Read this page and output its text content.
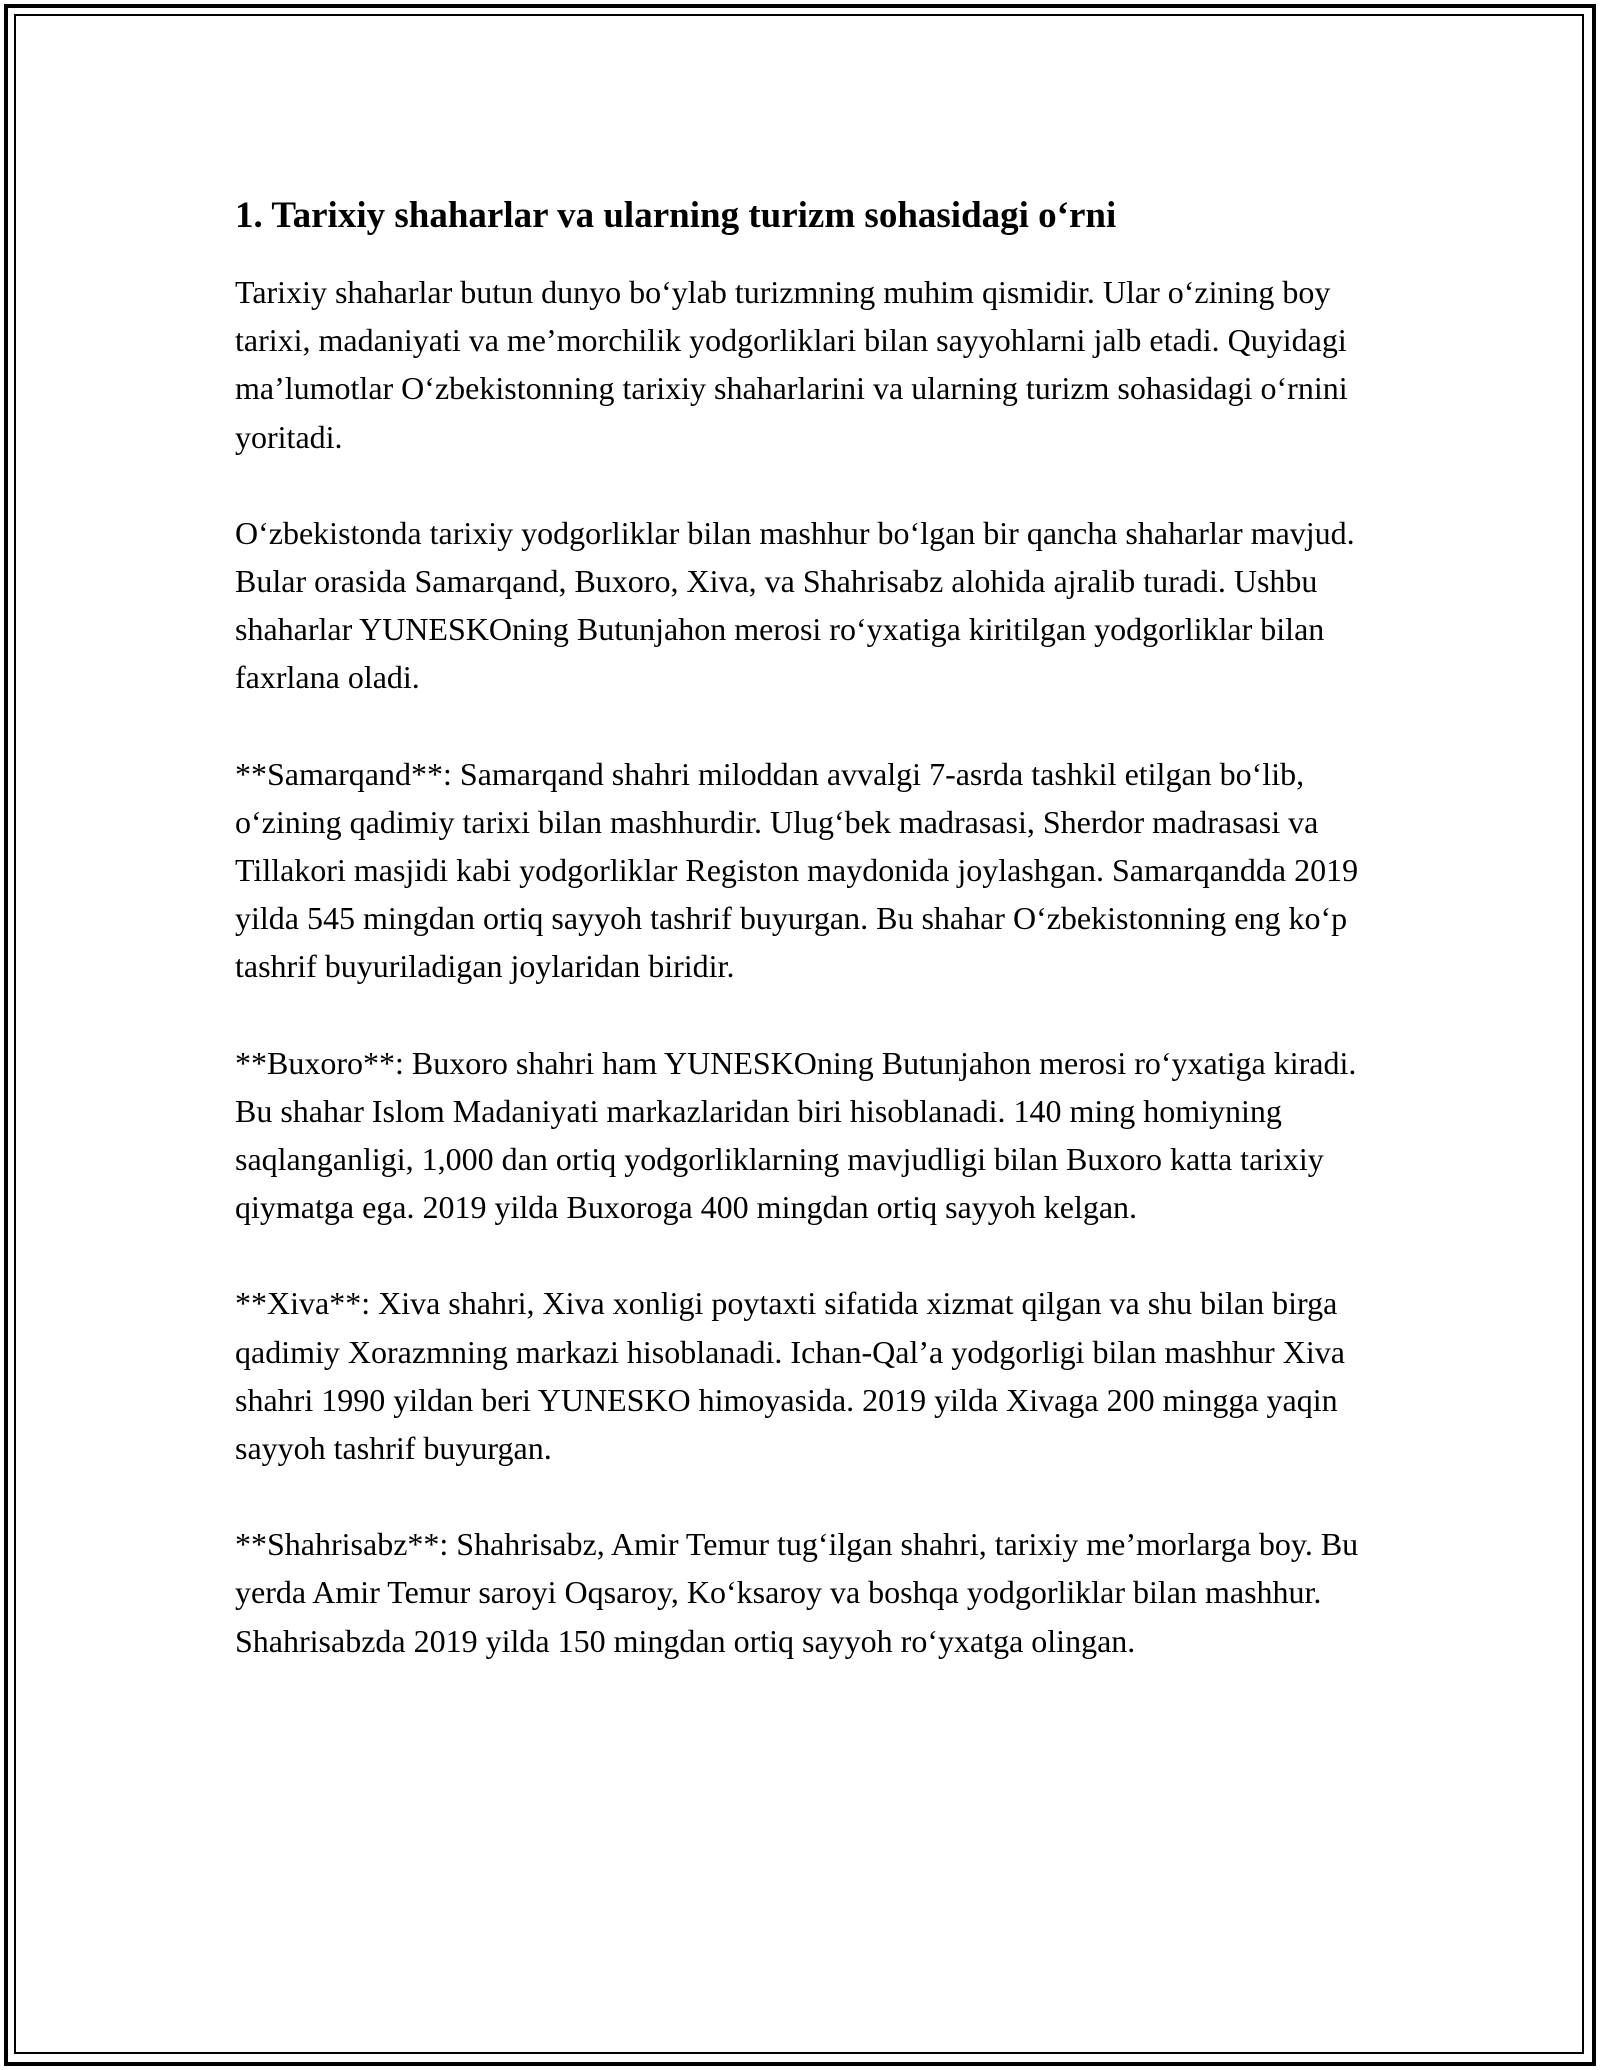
1. Tarixiy shaharlar va ularning turizm sohasidagi o‘rni

Tarixiy shaharlar butun dunyo bo‘ylab turizmning muhim qismidir. Ular o‘zining boy tarixi, madaniyati va me’morchilik yodgorliklari bilan sayyohlarni jalb etadi. Quyidagi ma’lumotlar O‘zbekistonning tarixiy shaharlarini va ularning turizm sohasidagi o‘rnini yoritadi.

O‘zbekistonda tarixiy yodgorliklar bilan mashhur bo‘lgan bir qancha shaharlar mavjud. Bular orasida Samarqand, Buxoro, Xiva, va Shahrisabz alohida ajralib turadi. Ushbu shaharlar YUNESKOning Butunjahon merosi ro‘yxatiga kiritilgan yodgorliklar bilan faxrlana oladi.

**Samarqand**: Samarqand shahri miloddan avvalgi 7-asrda tashkil etilgan bo‘lib, o‘zining qadimiy tarixi bilan mashhurdir. Ulug‘bek madrasasi, Sherdor madrasasi va Tillakori masjidi kabi yodgorliklar Registon maydonida joylashgan. Samarqandda 2019 yilda 545 mingdan ortiq sayyoh tashrif buyurgan. Bu shahar O‘zbekistonning eng ko‘p tashrif buyuriladigan joylaridan biridir.

**Buxoro**: Buxoro shahri ham YUNESKOning Butunjahon merosi ro‘yxatiga kiradi. Bu shahar Islom Madaniyati markazlaridan biri hisoblanadi. 140 ming homiyning saqlanganligi, 1,000 dan ortiq yodgorliklarning mavjudligi bilan Buxoro katta tarixiy qiymatga ega. 2019 yilda Buxoroga 400 mingdan ortiq sayyoh kelgan.

**Xiva**: Xiva shahri, Xiva xonligi poytaxti sifatida xizmat qilgan va shu bilan birga qadimiy Xorazmning markazi hisoblanadi. Ichan-Qal’a yodgorligi bilan mashhur Xiva shahri 1990 yildan beri YUNESKO himoyasida. 2019 yilda Xivaga 200 mingga yaqin sayyoh tashrif buyurgan.

**Shahrisabz**: Shahrisabz, Amir Temur tug‘ilgan shahri, tarixiy me’morlarga boy. Bu yerda Amir Temur saroyi Oqsaroy, Ko‘ksaroy va boshqa yodgorliklar bilan mashhur. Shahrisabzda 2019 yilda 150 mingdan ortiq sayyoh ro‘yxatga olingan.
